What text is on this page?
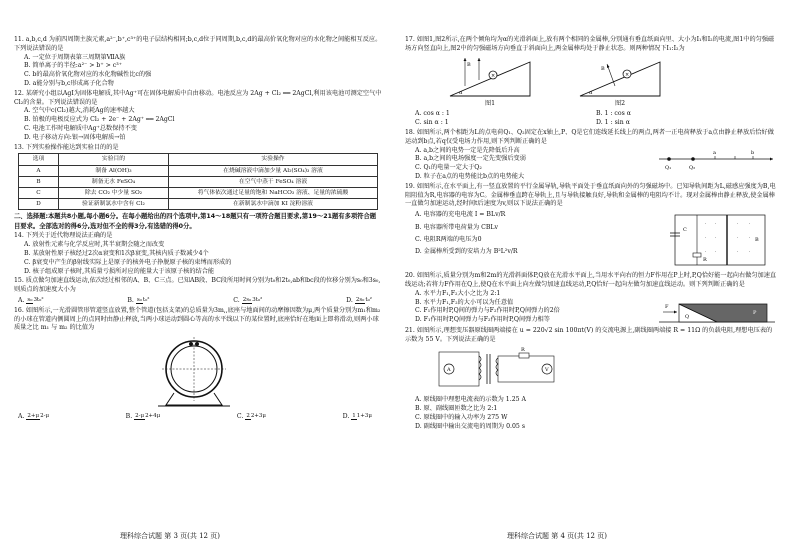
11. a,b,c,d 为前四周期主族元素,a²⁻,b⁺,c³⁺的电子层结构相同;b,c,d位于同周期,b,c,d的最高价氧化物对应的水化物之间能相互反应。下列说法错误的是
A. 一定位于周期表第三周期第ⅦA族
B. 简单离子的半径:a²⁻ > b⁺ > c³⁺
C. b的最高价氧化物对应的水化物碱性比c的强
D. a能分别与b,c形成离子化合物
12. 某研究小组以AgI为固体电解质,其中Ag⁺可在固体电解质中自由移动。电池反应为 2Ag + Cl₂ ══ 2AgCl,利用该电池可测定空气中Cl₂的含量。下列说法错误的是
A. 空气中c(Cl₂)越大,消耗Ag的速率越大
B. 铂极的电极反应式为 Cl₂ + 2e⁻ + 2Ag⁺ ══ 2AgCl
C. 电池工作时电解质中Ag⁺总数保持不变
D. 电子移动方向:银→固体电解质→铂
13. 下列实验操作能达到实验目的的是
选项	实验目的	实验操作
A	制备 Al(OH)₃	在烧碱溶液中滴加少量 Al₂(SO₄)₃ 溶液
B	制备无水 FeSO₄	在空气中蒸干 FeSO₄ 溶液
C	除去 CO₂ 中少量 SO₂	将气体依次通过足量的饱和 NaHCO₃ 溶液、足量的浓硫酸
D	验证新制氯水中含有 Cl₂	在新制氯水中滴加 KI 淀粉溶液
二、选择题:本题共8小题,每小题6分。在每小题给出的四个选项中,第14～18题只有一项符合题目要求,第19～21题有多项符合题目要求。全部选对的得6分,选对但不全的得3分,有选错的得0分。
14. 下列关于近代物理说法正确的是
A. 放射性元素与化学反应时,其半衰期会随之而改变
B. 某放射性原子核经过2次α衰变和1次β衰变,其核内质子数减少4个
C. β衰变中产生的β射线实际上是原子的核外电子挣脱原子核的束缚而形成的
D. 核子组成原子核时,其质量亏损所对应的能量大于该原子核的结合能
15. 质点做匀加速直线运动,依次经过相邻的A、B、C三点。已知AB段、BC段所用时间分别为t₀和2t₀,ab和bc段的位移分别为s₀和3s₀,则质点的加速度大小为
A. s₀3t₀²	B. s₀t₀²	C. 2s₀3t₀²	D. 2s₀t₀²
16. 如图所示,一光滑圆管形管道竖直放置,整个管道(包括支架)的总质量为3m,,底座与地面间的动摩擦因数为μ,两个质量分别为m₁和m₂的小球在管道内侧圆周上的点同时由静止释放,当两小球运动到圆心等高的水平线以下的某位置时,底座恰好在地面上即将滑动,则两小球质量之比 m₁ 与 m₂ 的比值为
A. 2+μ2-μ	B. 2-μ2+4μ	C. 22+3μ	D. 11+3μ
理科综合试题 第 3 页(共 12 页)
17. 如图1,图2所示,在两个倾角均为α的光滑斜面上,放有两个相同的金属棒,分别通有垂直纸面向里、大小为I₁和I₂的电流,图1中的匀强磁场方向竖直向上,图2中的匀强磁场方向垂直于斜面向上,两金属棒均处于静止状态。则两种情况下I₁:I₂为
×
B
α
图1
×
B
α
图2
A. cos α : 1	B. 1 : cos α
C. sin α : 1	D. 1 : sin α
18. 如图所示,两个相距为L的点电荷Q₁、Q₂固定在x轴上,P、Q是它们连线延长线上的两点,两者一正电荷释放于a点由静止释放后恰好做运动到b点,若q仅受电场力作用,则下列判断正确的是
A. a,b之间的电势一定是先降低后升高
B. a,b之间的电场强度一定先变强后变弱
C. Q₁的电量一定大于Q₂
D. 粒子在a点的电势能比b点的电势能大
Q₁	Q₂
a	b
19. 如图所示,在水平面上,有一竖直放置的平行金属导轨,导轨平面处于垂直纸面向外的匀强磁场中。已知导轨间距为L,磁感应强度为B,电阻阻值为R,电容器的电容为C。金属棒垂直跨在导轨上,且与导轨接触良好,导轨和金属棒的电阻均不计。现对金属棒由静止释放,使金属棒一直做匀加速运动,经时间t后速度为v,则以下说法正确的是
A. 电容器的充电电流 I = BLv/R
B. 电容器所带电荷量为 CBLv
C. 电阻R两端的电压为0
D. 金属棒所受到的安培力为 B²L²v/R
· ·	·	·
· ·	·	·
· ·	·	·
C
R
B
20. 如图所示,质量分别为m和2m的光滑斜面体P,Q放在光滑水平面上,当用水平向右的恒力F作用在P上时,P,Q恰好能一起向右做匀加速直线运动;若将力F作用在Q上,使Q在水平面上向左做匀加速直线运动,P,Q恰好一起向左做匀加速直线运动。则下列判断正确的是
A. 水平力F₁,F₂大小之比为 2:1
B. 水平力F₁,F₂的大小可以为任意值
C. F₁作用时P,Q间的弹力与F₂作用时P,Q间弹力的2倍
D. F₁作用时P,Q间弹力与F₂作用时P,Q间弹力相等
F
Q
P
21. 如图所示,理想变压器原线圈两端接在 u = 220√2 sin 100πt(V) 的交流电源上,副线圈两端接 R = 11Ω 的负载电阻,理想电压表的示数为 55 V。下列说法正确的是
A	V
R
A. 原线圈中理想电流表的示数为 1.25 A
B. 原、副线圈匝数之比为 2:1
C. 原线圈中的输入功率为 275 W
D. 副线圈中输出交流电的周期为 0.05 s
理科综合试题 第 4 页(共 12 页)
